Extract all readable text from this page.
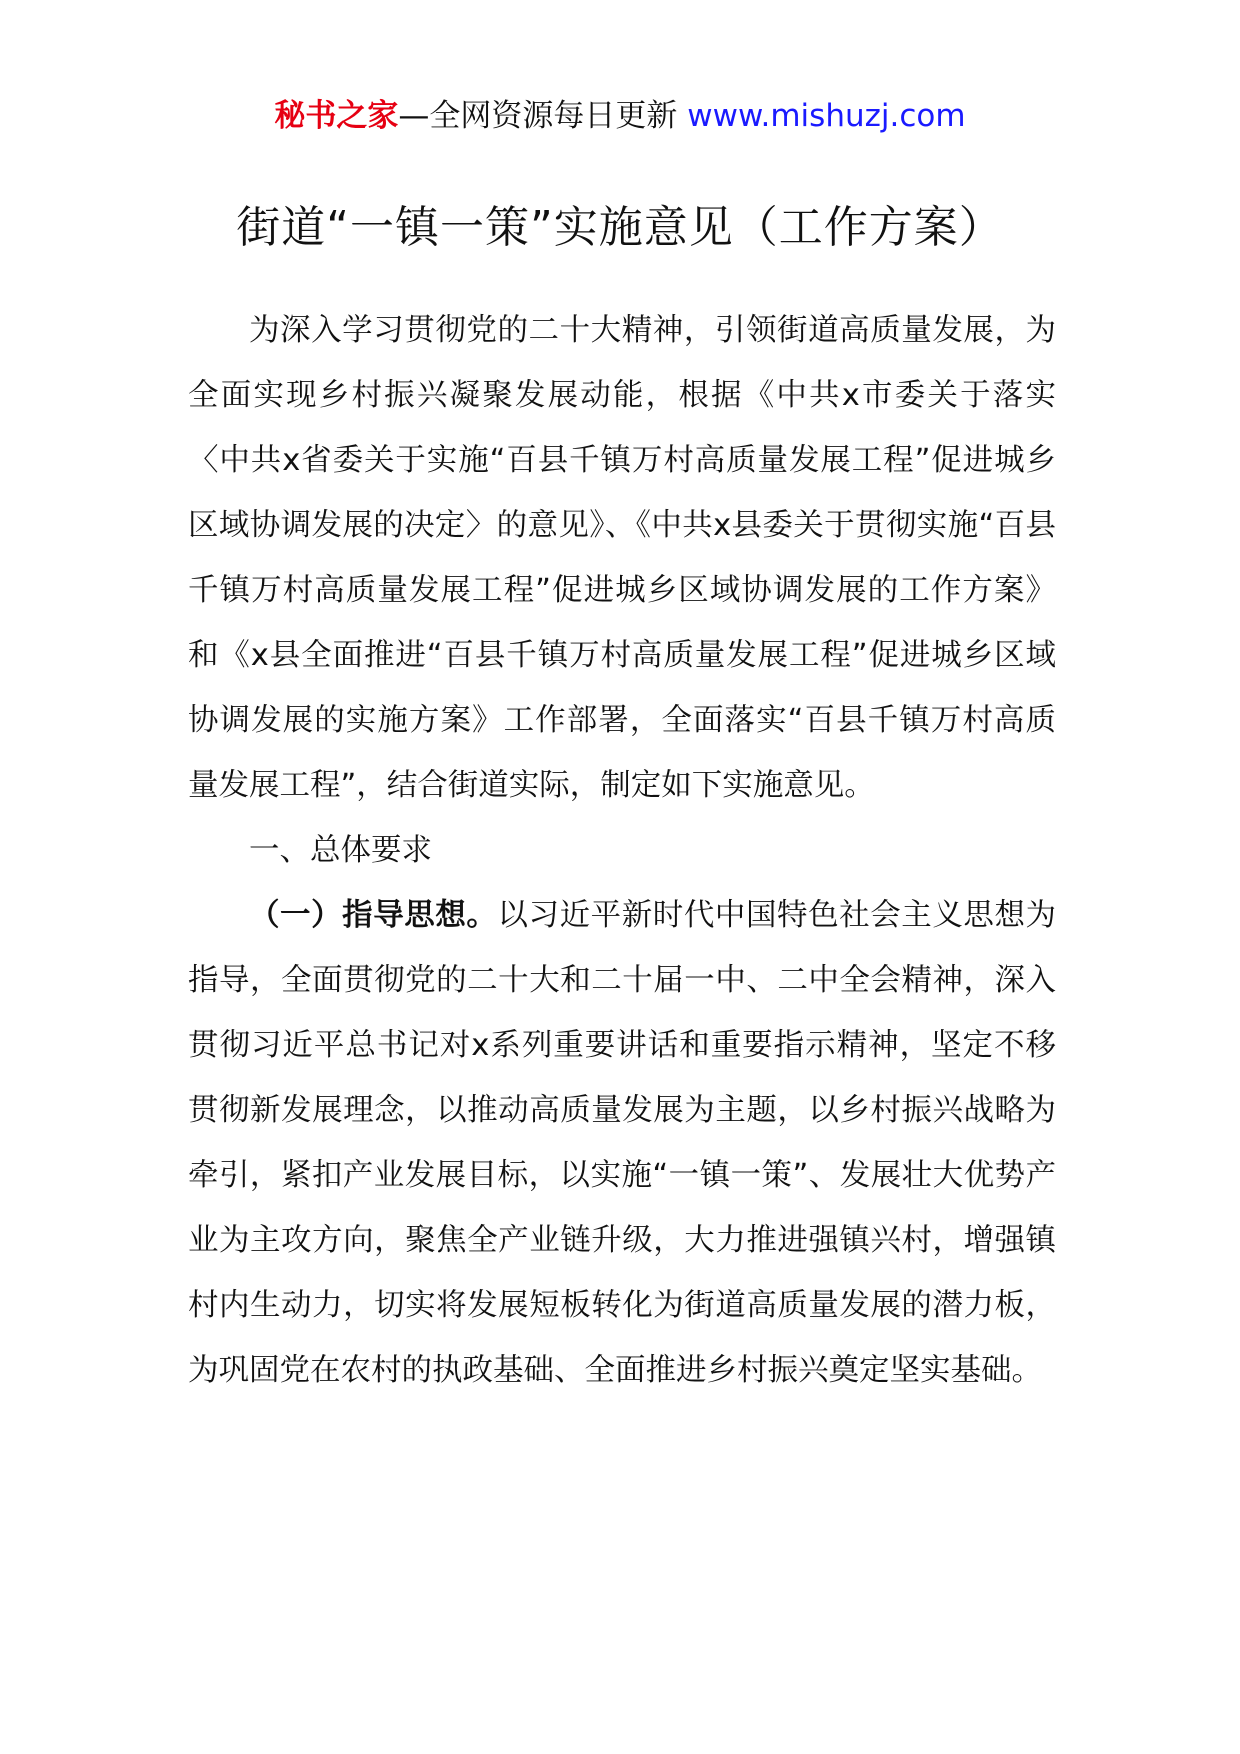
秘书之家—全网资源每日更新 www.mishuzj.com
街道“一镇一策”实施意见（工作方案）

为深入学习贯彻党的二十大精神，引领街道高质量发展，为全面实现乡村振兴凝聚发展动能，根据《中共x市委关于落实〈中共x省委关于实施“百县千镇万村高质量发展工程”促进城乡区域协调发展的决定〉的意见》、《中共x县委关于贯彻实施“百县千镇万村高质量发展工程”促进城乡区域协调发展的工作方案》和《x县全面推进“百县千镇万村高质量发展工程”促进城乡区域协调发展的实施方案》工作部署，全面落实“百县千镇万村高质量发展工程”，结合街道实际，制定如下实施意见。

一、总体要求

（一）指导思想。以习近平新时代中国特色社会主义思想为指导，全面贯彻党的二十大和二十届一中、二中全会精神，深入贯彻习近平总书记对x系列重要讲话和重要指示精神，坚定不移贯彻新发展理念，以推动高质量发展为主题，以乡村振兴战略为牵引，紧扣产业发展目标，以实施“一镇一策”、发展壮大优势产业为主攻方向，聚焦全产业链升级，大力推进强镇兴村，增强镇村内生动力，切实将发展短板转化为街道高质量发展的潜力板，为巩固党在农村的执政基础、全面推进乡村振兴奠定坚实基础。
